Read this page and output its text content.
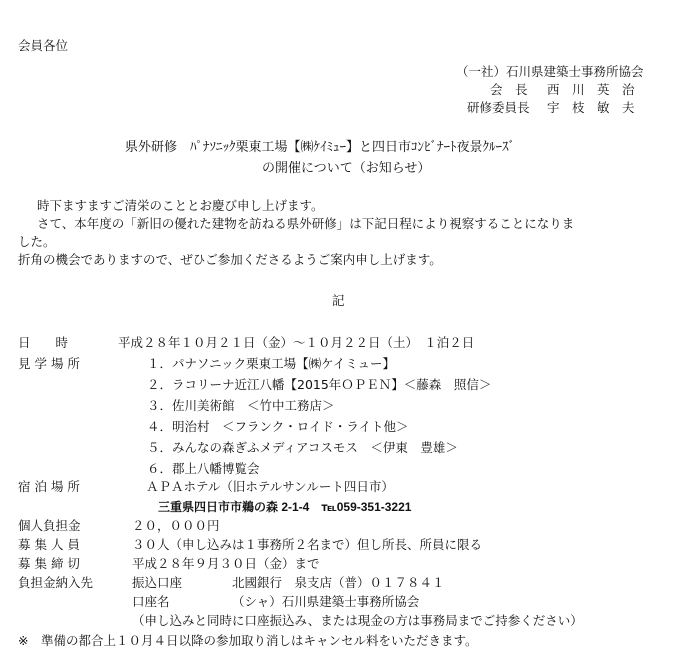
会員各位
（一社）石川県建築士事務所協会
会　長 西　川　英　治
研修委員長 宇　枝　敏　夫
県外研修　ﾊﾟﾅｿﾆｯｸ栗東工場【㈱ｹｲﾐｭｰ】と四日市ｺﾝﾋﾞﾅｰﾄ夜景ｸﾙｰｽﾞ
の開催について（お知らせ）
時下ますますご清栄のこととお慶び申し上げます。
さて、本年度の「新旧の優れた建物を訪ねる県外研修」は下記日程により視察することになりま
した。
折角の機会でありますので、ぜひご参加くださるようご案内申し上げます。
記
日　　時	平成２８年１０月２１日（金）〜１０月２２日（土）　１泊２日
見 学 場 所	１．パナソニック栗東工場【㈱ケイミュー】
２．ラコリーナ近江八幡【2015年ＯＰＥＮ】＜藤森　照信＞
３．佐川美術館　＜竹中工務店＞
４．明治村　＜フランク・ロイド・ライト他＞
５．みんなの森ぎふメディアコスモス　＜伊東　豊雄＞
６．郡上八幡博覧会
宿 泊 場 所	ＡＰＡホテル（旧ホテルサンルート四日市）
三重県四日市市鵜の森 2-1-4　℡059-351-3221
個人負担金	２０，０００円
募 集 人 員	３０人（申し込みは１事務所２名まで）但し所長、所員に限る
募 集 締 切	平成２８年９月３０日（金）まで
負担金納入先	振込口座	北國銀行　泉支店（普）０１７８４１
口座名	（シャ）石川県建築士事務所協会
（申し込みと同時に口座振込み、または現金の方は事務局までご持参ください）
※　準備の都合上１０月４日以降の参加取り消しはキャンセル料をいただきます。
